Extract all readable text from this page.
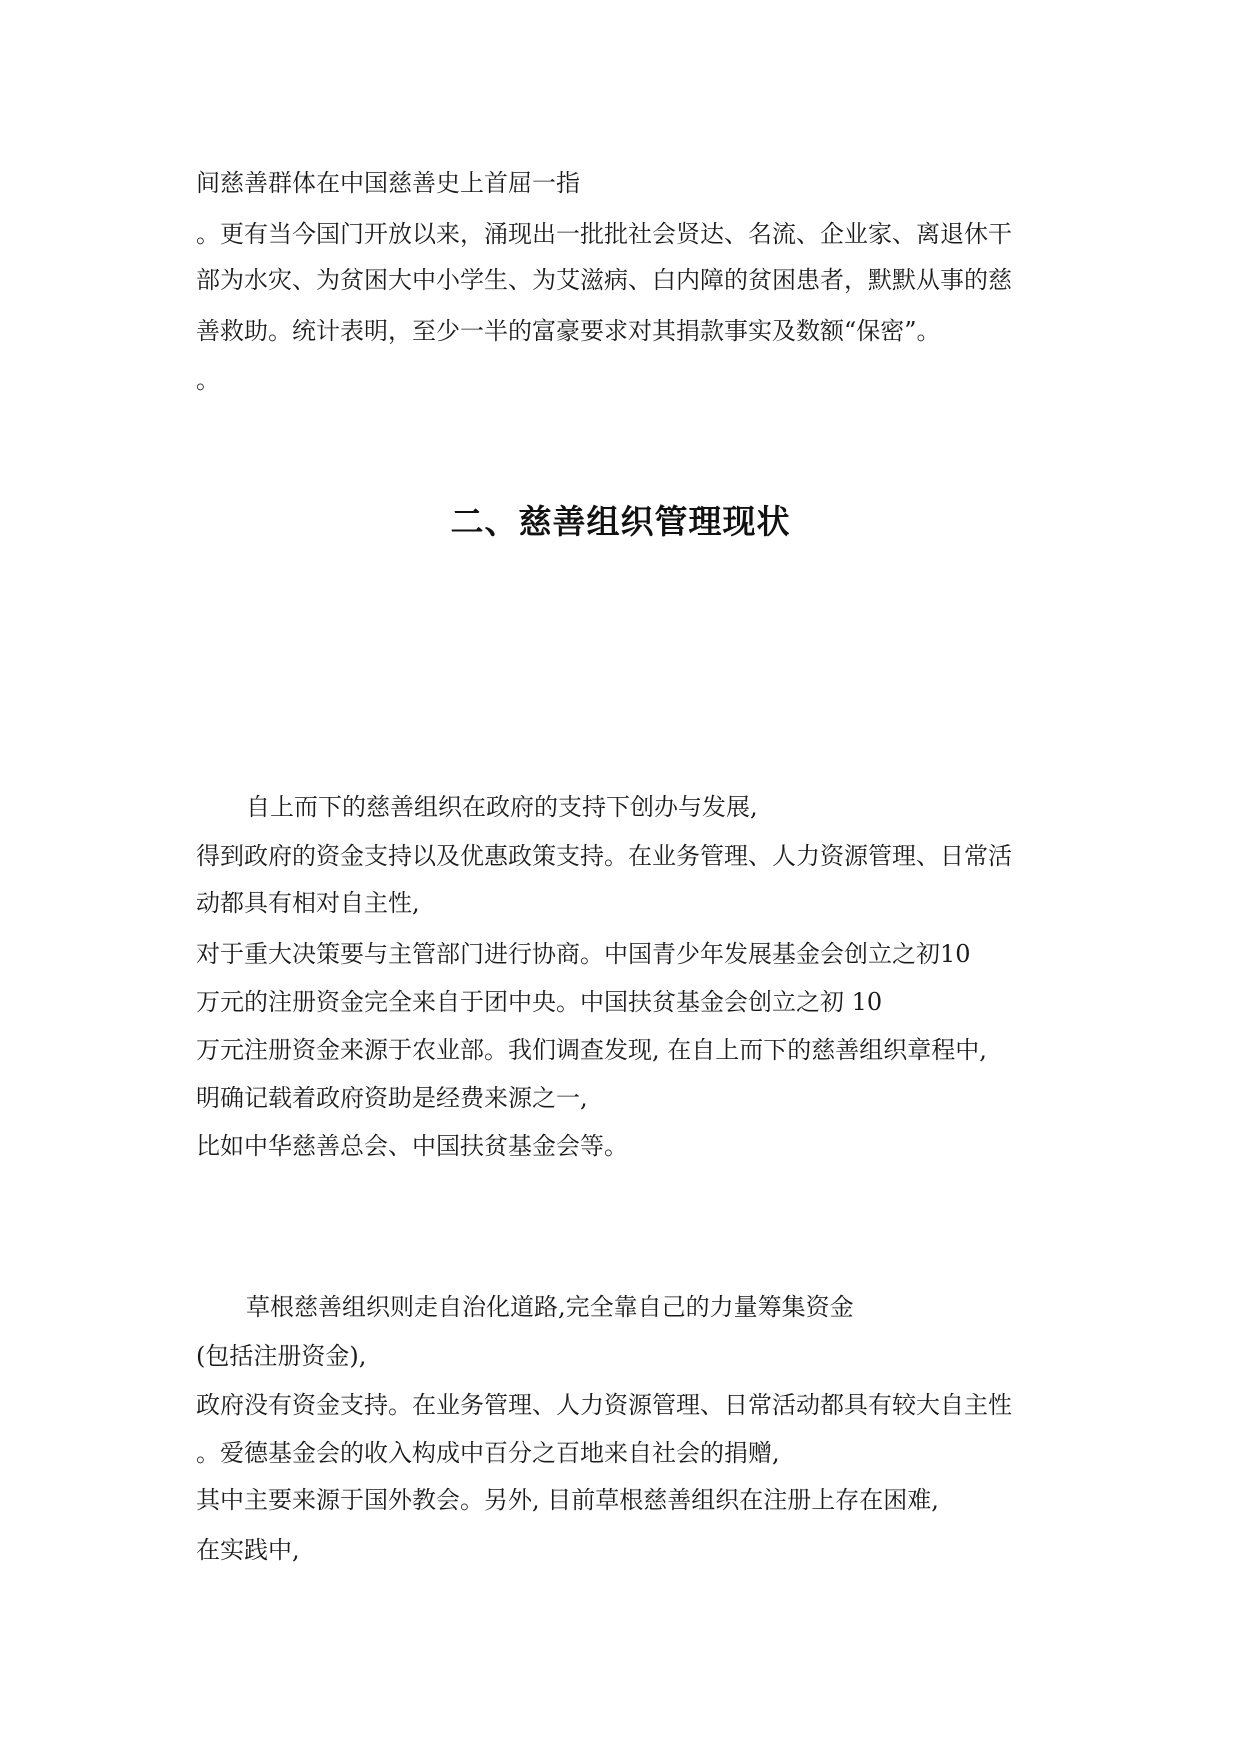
间慈善群体在中国慈善史上首屈一指

。更有当今国门开放以来，涌现出一批批社会贤达、名流、企业家、离退休干

部为水灾、为贫困大中小学生、为艾滋病、白内障的贫困患者，默默从事的慈

善救助。统计表明，至少一半的富豪要求对其捐款事实及数额“保密”。

。

二、慈善组织管理现状

自上而下的慈善组织在政府的支持下创办与发展,

得到政府的资金支持以及优惠政策支持。在业务管理、人力资源管理、日常活

动都具有相对自主性,

对于重大决策要与主管部门进行协商。中国青少年发展基金会创立之初10

万元的注册资金完全来自于团中央。中国扶贫基金会创立之初 10

万元注册资金来源于农业部。我们调查发现, 在自上而下的慈善组织章程中,

明确记载着政府资助是经费来源之一,

比如中华慈善总会、中国扶贫基金会等。

草根慈善组织则走自治化道路,完全靠自己的力量筹集资金

(包括注册资金),

政府没有资金支持。在业务管理、人力资源管理、日常活动都具有较大自主性

。爱德基金会的收入构成中百分之百地来自社会的捐赠,

其中主要来源于国外教会。另外, 目前草根慈善组织在注册上存在困难,

在实践中,
